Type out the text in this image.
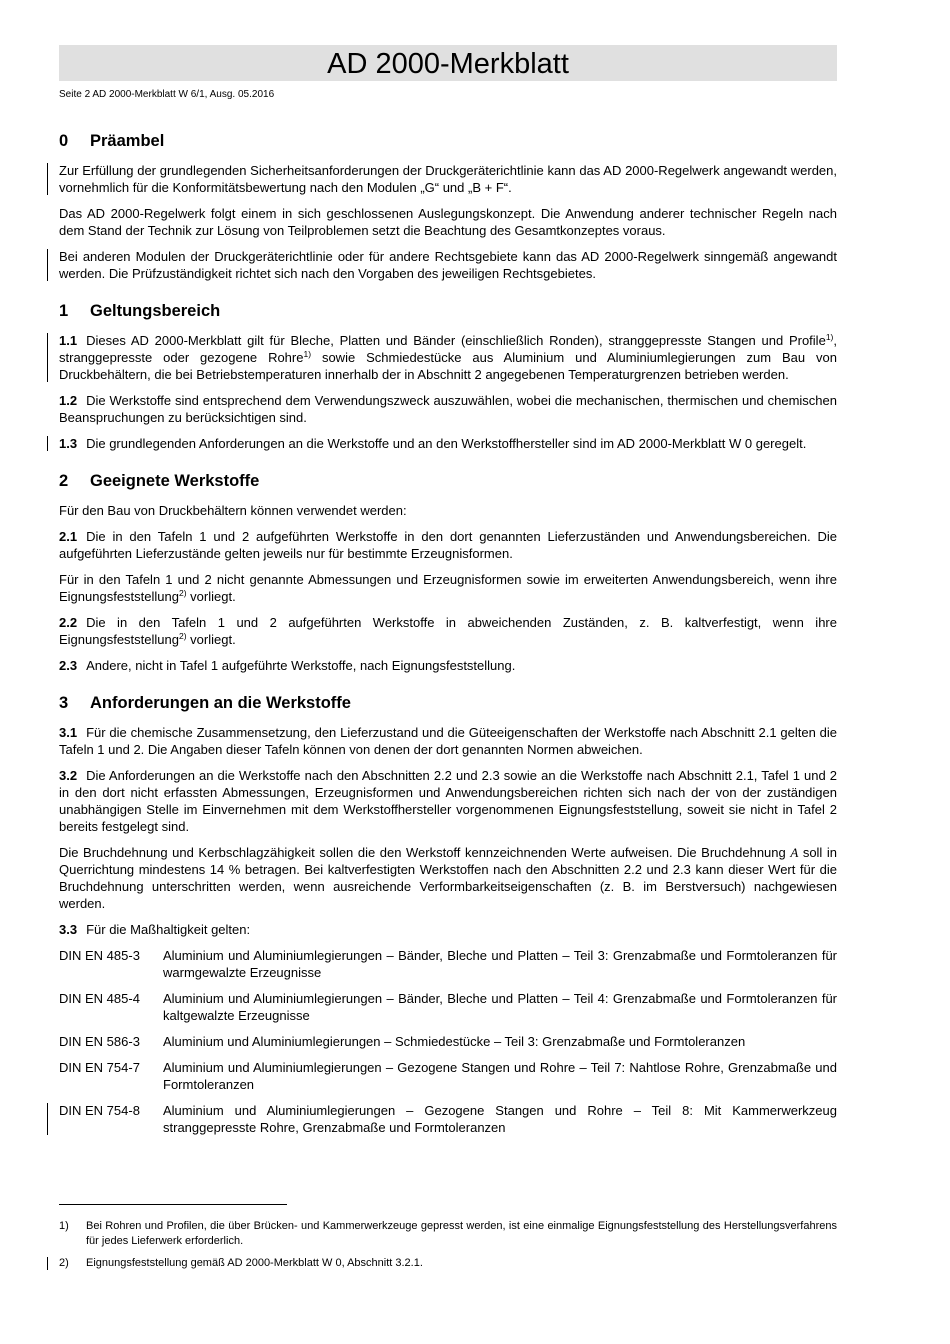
AD 2000-Merkblatt
Seite 2 AD 2000-Merkblatt W 6/1, Ausg. 05.2016
0 Präambel

Zur Erfüllung der grundlegenden Sicherheitsanforderungen der Druckgeräterichtlinie kann das AD 2000-Regelwerk angewandt werden, vornehmlich für die Konformitätsbewertung nach den Modulen „G“ und „B + F“.

Das AD 2000-Regelwerk folgt einem in sich geschlossenen Auslegungskonzept. Die Anwendung anderer technischer Regeln nach dem Stand der Technik zur Lösung von Teilproblemen setzt die Beachtung des Gesamtkonzeptes voraus.

Bei anderen Modulen der Druckgeräterichtlinie oder für andere Rechtsgebiete kann das AD 2000-Regelwerk sinngemäß angewandt werden. Die Prüfzuständigkeit richtet sich nach den Vorgaben des jeweiligen Rechtsgebietes.

1 Geltungsbereich

1.1 Dieses AD 2000-Merkblatt gilt für Bleche, Platten und Bänder (einschließlich Ronden), stranggepresste Stangen und Profile$^{1)}$, stranggepresste oder gezogene Rohre$^{1)}$ sowie Schmiedestücke aus Aluminium und Aluminiumlegierungen zum Bau von Druckbehältern, die bei Betriebstemperaturen innerhalb der in Abschnitt 2 angegebenen Temperaturgrenzen betrieben werden.

1.2 Die Werkstoffe sind entsprechend dem Verwendungszweck auszuwählen, wobei die mechanischen, thermischen und chemischen Beanspruchungen zu berücksichtigen sind.

1.3 Die grundlegenden Anforderungen an die Werkstoffe und an den Werkstoffhersteller sind im AD 2000-Merkblatt W 0 geregelt.

2 Geeignete Werkstoffe

Für den Bau von Druckbehältern können verwendet werden:

2.1 Die in den Tafeln 1 und 2 aufgeführten Werkstoffe in den dort genannten Lieferzuständen und Anwendungsbereichen. Die aufgeführten Lieferzustände gelten jeweils nur für bestimmte Erzeugnisformen.

Für in den Tafeln 1 und 2 nicht genannte Abmessungen und Erzeugnisformen sowie im erweiterten Anwendungsbereich, wenn ihre Eignungsfeststellung$^{2)}$ vorliegt.

2.2 Die in den Tafeln 1 und 2 aufgeführten Werkstoffe in abweichenden Zuständen, z. B. kaltverfestigt, wenn ihre Eignungsfeststellung$^{2)}$ vorliegt.

2.3 Andere, nicht in Tafel 1 aufgeführte Werkstoffe, nach Eignungsfeststellung.

3 Anforderungen an die Werkstoffe

3.1 Für die chemische Zusammensetzung, den Lieferzustand und die Güteeigenschaften der Werkstoffe nach Abschnitt 2.1 gelten die Tafeln 1 und 2. Die Angaben dieser Tafeln können von denen der dort genannten Normen abweichen.

3.2 Die Anforderungen an die Werkstoffe nach den Abschnitten 2.2 und 2.3 sowie an die Werkstoffe nach Abschnitt 2.1, Tafel 1 und 2 in den dort nicht erfassten Abmessungen, Erzeugnisformen und Anwendungsbereichen richten sich nach der von der zuständigen unabhängigen Stelle im Einvernehmen mit dem Werkstoffhersteller vorgenommenen Eignungsfeststellung, soweit sie nicht in Tafel 2 bereits festgelegt sind.

Die Bruchdehnung und Kerbschlagzähigkeit sollen die den Werkstoff kennzeichnenden Werte aufweisen. Die Bruchdehnung A soll in Querrichtung mindestens 14 % betragen. Bei kaltverfestigten Werkstoffen nach den Abschnitten 2.2 und 2.3 kann dieser Wert für die Bruchdehnung unterschritten werden, wenn ausreichende Verformbarkeitseigenschaften (z. B. im Berstversuch) nachgewiesen werden.

3.3 Für die Maßhaltigkeit gelten:

DIN EN 485-3	Aluminium und Aluminiumlegierungen – Bänder, Bleche und Platten – Teil 3: Grenzabmaße und Formtoleranzen für warmgewalzte Erzeugnisse
DIN EN 485-4	Aluminium und Aluminiumlegierungen – Bänder, Bleche und Platten – Teil 4: Grenzabmaße und Formtoleranzen für kaltgewalzte Erzeugnisse
DIN EN 586-3	Aluminium und Aluminiumlegierungen – Schmiedestücke – Teil 3: Grenzabmaße und Formtoleranzen
DIN EN 754-7	Aluminium und Aluminiumlegierungen – Gezogene Stangen und Rohre – Teil 7: Nahtlose Rohre, Grenzabmaße und Formtoleranzen
DIN EN 754-8	Aluminium und Aluminiumlegierungen – Gezogene Stangen und Rohre – Teil 8: Mit Kammerwerkzeug stranggepresste Rohre, Grenzabmaße und Formtoleranzen
1)	Bei Rohren und Profilen, die über Brücken- und Kammerwerkzeuge gepresst werden, ist eine einmalige Eignungsfeststellung des Herstellungsverfahrens für jedes Lieferwerk erforderlich.
2)	Eignungsfeststellung gemäß AD 2000-Merkblatt W 0, Abschnitt 3.2.1.
